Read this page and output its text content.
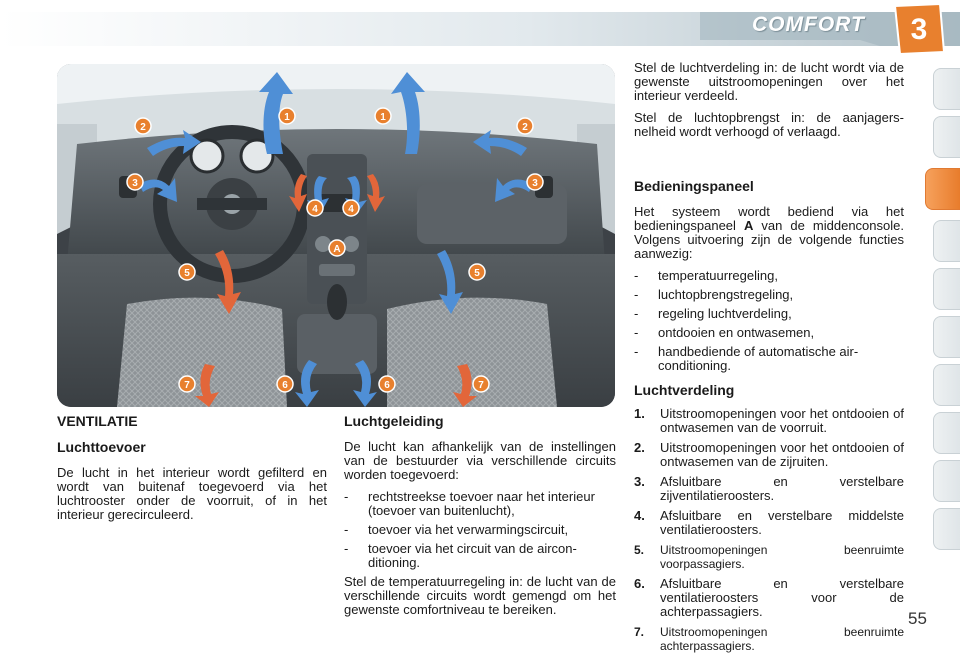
COMFORT 3
1	1
2	2
3	3
4	4
5	5
6	6
7	7
A
VENTILATIE
Luchttoevoer

De lucht in het interieur wordt gefilterd en wordt van buitenaf toegevoerd via het luchtrooster onder de voorruit, of in het interieur gerecirculeerd.

Luchtgeleiding

De lucht kan afhankelijk van de instellingen van de bestuurder via verschillende circuits worden toegevoerd:

- rechtstreekse toevoer naar het interieur (toevoer van buitenlucht),
- toevoer via het verwarmingscircuit,
- toevoer via het circuit van de aircon-ditioning.

Stel de temperatuurregeling in: de lucht van de verschillende circuits wordt gemengd om het gewenste comfortniveau te bereiken.

Stel de luchtverdeling in: de lucht wordt via de gewenste uitstroomopeningen over het interieur verdeeld.

Stel de luchtopbrengst in: de aanjagers-nelheid wordt verhoogd of verlaagd.

Bedieningspaneel

Het systeem wordt bediend via het bedieningspaneel A van de middenconsole. Volgens uitvoering zijn de volgende functies aanwezig:

- temperatuurregeling,
- luchtopbrengstregeling,
- regeling luchtverdeling,
- ontdooien en ontwasemen,
- handbediende of automatische air-conditioning.
Luchtverdeling
1. Uitstroomopeningen voor het ontdooien of ontwasemen van de voorruit.
2. Uitstroomopeningen voor het ontdooien of ontwasemen van de zijruiten.
3. Afsluitbare en verstelbare zijventilatieroosters.
4. Afsluitbare en verstelbare middelste ventilatieroosters.
5. Uitstroomopeningen beenruimte voorpassagiers.
6. Afsluitbare en verstelbare ventilatieroosters voor de achterpassagiers.
7. Uitstroomopeningen beenruimte achterpassagiers.
55
